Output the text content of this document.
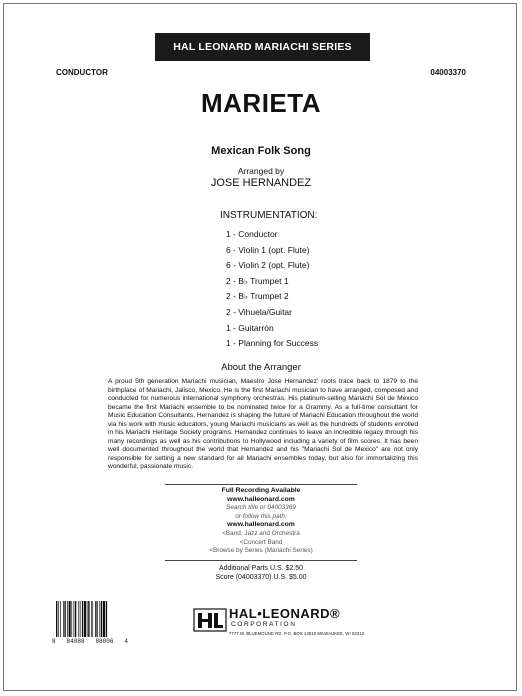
HAL LEONARD MARIACHI SERIES
CONDUCTOR	04003370
MARIETA
Mexican Folk Song
Arranged by
JOSE HERNANDEZ
INSTRUMENTATION:
1 - Conductor
6 - Violin 1 (opt. Flute)
6 - Violin 2 (opt. Flute)
2 - B♭ Trumpet 1
2 - B♭ Trumpet 2
2 - Vihuela/Guitar
1 - Guitarrón
1 - Planning for Success
About the Arranger
A proud 5th generation Mariachi musician, Maestro Jose Hernandez' roots trace back to 1879 to the birthplace of Mariachi, Jalisco, Mexico. He is the first Mariachi musician to have arranged, composed and conducted for numerous international symphony orchestras. His platinum-selling Mariachi Sol de Mexico became the first Mariachi ensemble to be nominated twice for a Grammy. As a full-time consultant for Music Education Consultants, Hernandez is shaping the future of Mariachi Education throughout the world via his work with music educators, young Mariachi musicians as well as the hundreds of students enrolled in his Mariachi Heritage Society programs. Hernandez continues to leave an incredible legacy through his many recordings as well as his contributions to Hollywood including a variety of film scores. It has been well documented throughout the world that Hernandez and his "Mariachi Sol de Mexico" are not only responsible for setting a new standard for all Mariachi ensembles today, but also for immortalizing this wonderful, passionate music.
Full Recording Available
www.halleonard.com
Search title or 04003369
or follow this path:
www.halleonard.com
<Band, Jazz and Orchestra
<Concert Band
<Browse by Series (Mariachi Series)
Additional Parts U.S. $2.50
Score (04003370) U.S. $5.00
8 84088 88006 4
HAL•LEONARD®
CORPORATION
7777 W. BLUEMOUND RD. P.O. BOX 13819 MILWAUKEE, WI 53213
